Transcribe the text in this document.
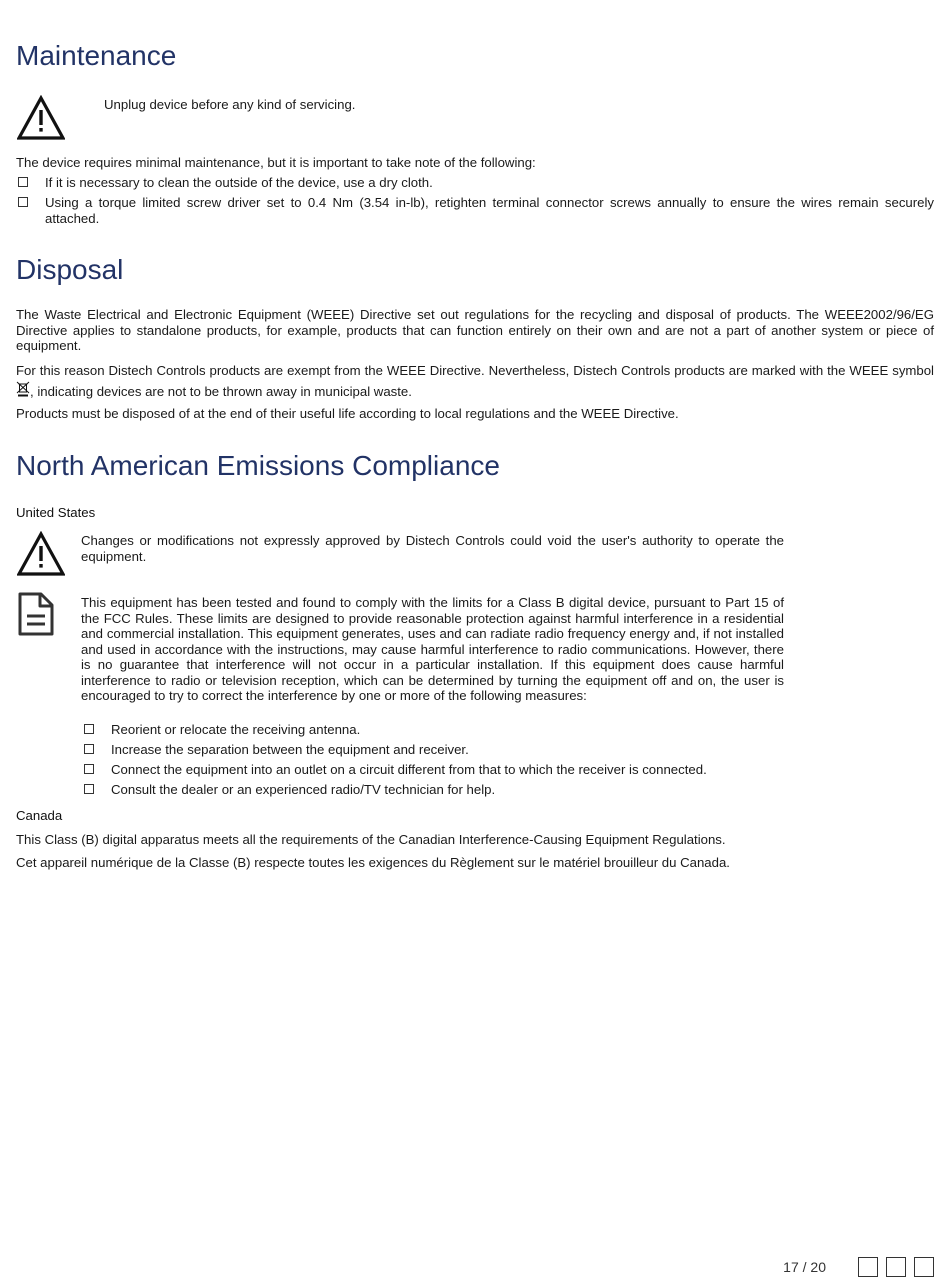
Maintenance

Unplug device before any kind of servicing.

The device requires minimal maintenance, but it is important to take note of the following:

If it is necessary to clean the outside of the device, use a dry cloth.
Using a torque limited screw driver set to 0.4 Nm (3.54 in-lb), retighten terminal connector screws annually to ensure the wires remain securely attached.
Disposal

The Waste Electrical and Electronic Equipment (WEEE) Directive set out regulations for the recycling and disposal of products. The WEEE2002/96/EG Directive applies to standalone products, for example, products that can function entirely on their own and are not a part of another system or piece of equipment.

For this reason Distech Controls products are exempt from the WEEE Directive. Nevertheless, Distech Controls products are marked with the WEEE symbol , indicating devices are not to be thrown away in municipal waste.

Products must be disposed of at the end of their useful life according to local regulations and the WEEE Directive.

North American Emissions Compliance
United States

Changes or modifications not expressly approved by Distech Controls could void the user's authority to operate the equipment.

This equipment has been tested and found to comply with the limits for a Class B digital device, pursuant to Part 15 of the FCC Rules. These limits are designed to provide reasonable protection against harmful interference in a residential and commercial installation. This equipment generates, uses and can radiate radio frequency energy and, if not installed and used in accordance with the instructions, may cause harmful interference to radio communications. However, there is no guarantee that interference will not occur in a particular installation. If this equipment does cause harmful interference to radio or television reception, which can be determined by turning the equipment off and on, the user is encouraged to try to correct the interference by one or more of the following measures:

Reorient or relocate the receiving antenna.
Increase the separation between the equipment and receiver.
Connect the equipment into an outlet on a circuit different from that to which the receiver is connected.
Consult the dealer or an experienced radio/TV technician for help.
Canada

This Class (B) digital apparatus meets all the requirements of the Canadian Interference-Causing Equipment Regulations.

Cet appareil numérique de la Classe (B) respecte toutes les exigences du Règlement sur le matériel brouilleur du Canada.

17 / 20
